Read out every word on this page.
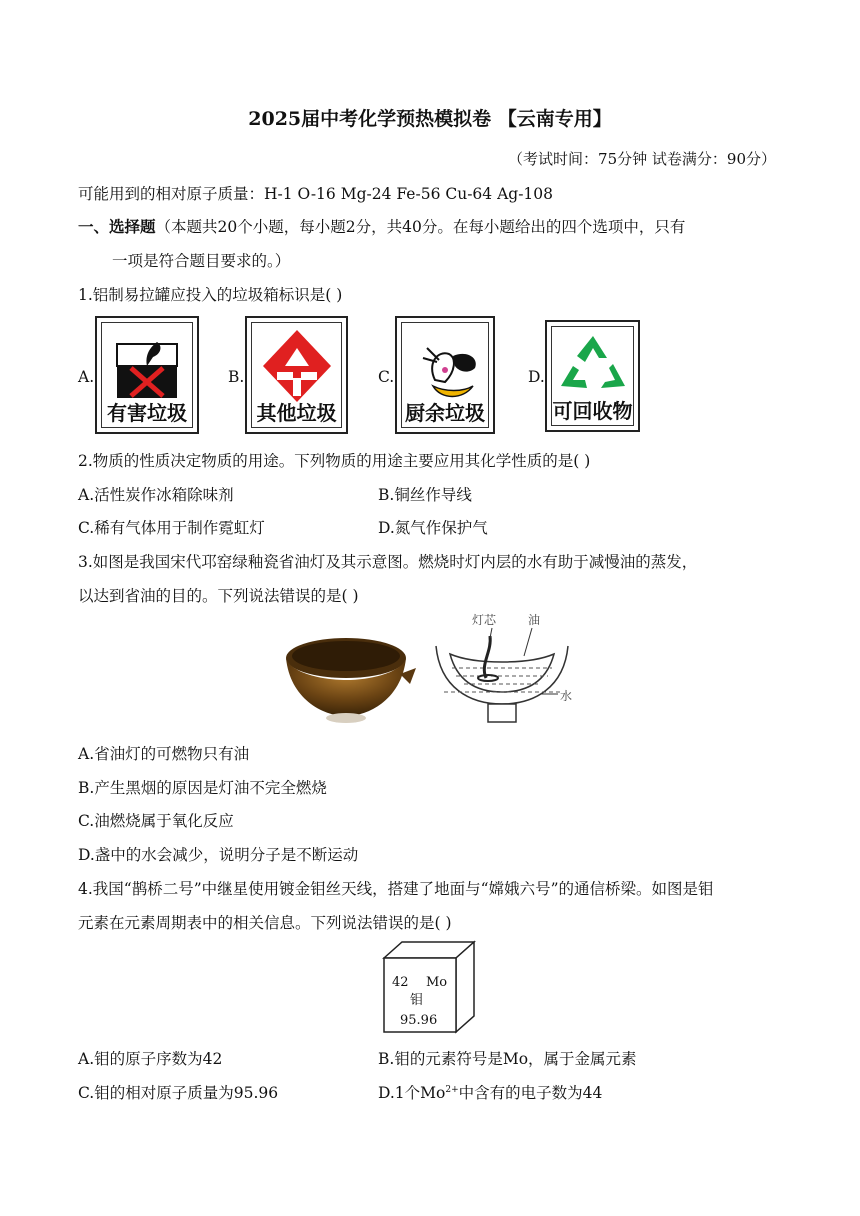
2025届中考化学预热模拟卷 【云南专用】
（考试时间：75分钟 试卷满分：90分）
可能用到的相对原子质量：H-1 O-16 Mg-24 Fe-56 Cu-64 Ag-108
一、选择题（本题共20个小题，每小题2分，共40分。在每小题给出的四个选项中，只有
一项是符合题目要求的。）
1.铝制易拉罐应投入的垃圾箱标识是( )
A.
有害垃圾
B.
其他垃圾
C.
厨余垃圾
D.
可回收物
2.物质的性质决定物质的用途。下列物质的用途主要应用其化学性质的是( )
A.活性炭作冰箱除味剂	B.铜丝作导线
C.稀有气体用于制作霓虹灯	D.氮气作保护气
3.如图是我国宋代邛窑绿釉瓷省油灯及其示意图。燃烧时灯内层的水有助于减慢油的蒸发，
以达到省油的目的。下列说法错误的是( )
灯芯	油
水
A.省油灯的可燃物只有油
B.产生黑烟的原因是灯油不完全燃烧
C.油燃烧属于氧化反应
D.盏中的水会减少，说明分子是不断运动
4.我国“鹊桥二号”中继星使用镀金钼丝天线，搭建了地面与“嫦娥六号”的通信桥梁。如图是钼
元素在元素周期表中的相关信息。下列说法错误的是( )
42 Mo
钼
95.96
A.钼的原子序数为42	B.钼的元素符号是Mo，属于金属元素
C.钼的相对原子质量为95.96	D.1个$Mo^{2+}$中含有的电子数为44
